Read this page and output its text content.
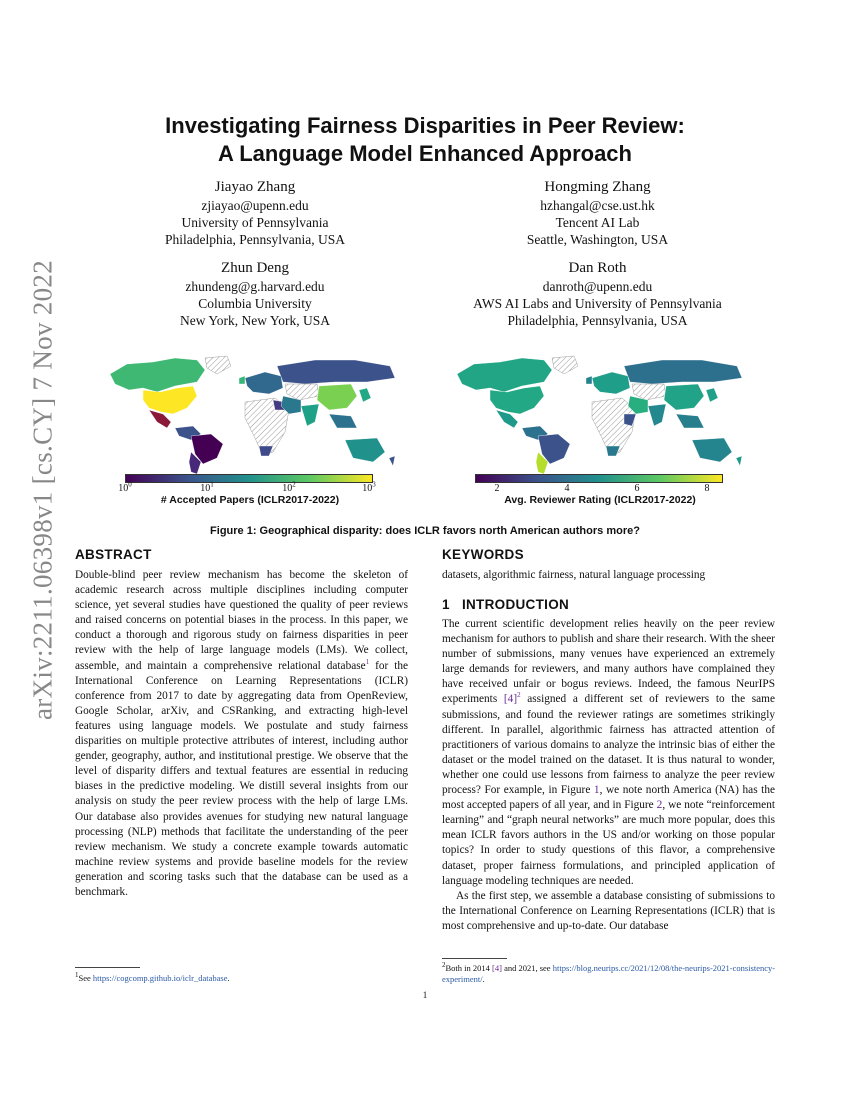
arXiv:2211.06398v1 [cs.CY] 7 Nov 2022
Investigating Fairness Disparities in Peer Review:
A Language Model Enhanced Approach
Jiayao Zhang
zjiayao@upenn.edu
University of Pennsylvania
Philadelphia, Pennsylvania, USA
Hongming Zhang
hzhangal@cse.ust.hk
Tencent AI Lab
Seattle, Washington, USA
Zhun Deng
zhundeng@g.harvard.edu
Columbia University
New York, New York, USA
Dan Roth
danroth@upenn.edu
AWS AI Labs and University of Pennsylvania
Philadelphia, Pennsylvania, USA
$10^0$	$10^1$	$10^2$	$10^3$
# Accepted Papers (ICLR2017-2022)
2	4	6	8
Avg. Reviewer Rating (ICLR2017-2022)
Figure 1: Geographical disparity: does ICLR favors north American authors more?
ABSTRACT

Double-blind peer review mechanism has become the skeleton of academic research across multiple disciplines including computer science, yet several studies have questioned the quality of peer reviews and raised concerns on potential biases in the process. In this paper, we conduct a thorough and rigorous study on fairness disparities in peer review with the help of large language models (LMs). We collect, assemble, and maintain a comprehensive relational database$^1$ for the International Conference on Learning Representations (ICLR) conference from 2017 to date by aggregating data from OpenReview, Google Scholar, arXiv, and CSRanking, and extracting high-level features using language models. We postulate and study fairness disparities on multiple protective attributes of interest, including author gender, geography, author, and institutional prestige. We observe that the level of disparity differs and textual features are essential in reducing biases in the predictive modeling. We distill several insights from our analysis on study the peer review process with the help of large LMs. Our database also provides avenues for studying new natural language processing (NLP) methods that facilitate the understanding of the peer review mechanism. We study a concrete example towards automatic machine review systems and provide baseline models for the review generation and scoring tasks such that the database can be used as a benchmark.

$^1$See https://cogcomp.github.io/iclr_database.
KEYWORDS
datasets, algorithmic fairness, natural language processing
1   INTRODUCTION

The current scientific development relies heavily on the peer review mechanism for authors to publish and share their research. With the sheer number of submissions, many venues have experienced an extremely large demands for reviewers, and many authors have complained they have received unfair or bogus reviews. Indeed, the famous NeurIPS experiments $[4]^2$ assigned a different set of reviewers to the same submissions, and found the reviewer ratings are sometimes strikingly different. In parallel, algorithmic fairness has attracted attention of practitioners of various domains to analyze the intrinsic bias of either the dataset or the model trained on the dataset. It is thus natural to wonder, whether one could use lessons from fairness to analyze the peer review process? For example, in Figure 1, we note north America (NA) has the most accepted papers of all year, and in Figure 2, we note “reinforcement learning” and “graph neural networks” are much more popular, does this mean ICLR favors authors in the US and/or working on those popular topics? In order to study questions of this flavor, a comprehensive dataset, proper fairness formulations, and principled application of language modeling techniques are needed.

As the first step, we assemble a database consisting of submissions to the International Conference on Learning Representations (ICLR) that is most comprehensive and up-to-date. Our database

$^2$Both in 2014 [4] and 2021, see https://blog.neurips.cc/2021/12/08/the-neurips-2021-consistency-experiment/.
1
